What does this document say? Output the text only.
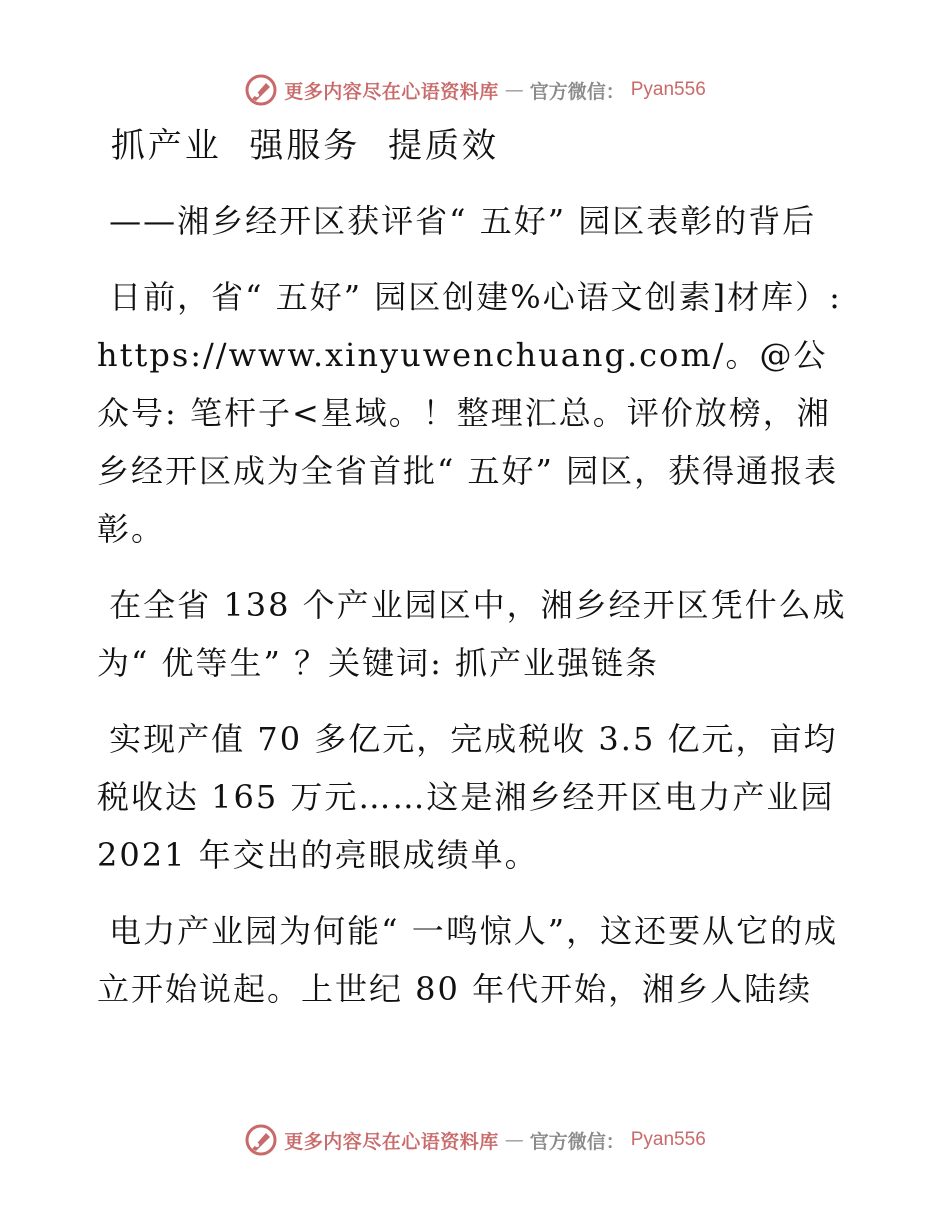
更多内容尽在心语资料库 — 官方微信： Pyan556

抓产业  强服务  提质效

——湘乡经开区获评省“ 五好” 园区表彰的背后

日前，省“ 五好” 园区创建%心语文创素]材库）: https://www.xinyuwenchuang.com/。@公众号: 笔杆子<星域。！整理汇总。评价放榜，湘乡经开区成为全省首批“ 五好” 园区，获得通报表彰。

在全省 138 个产业园区中，湘乡经开区凭什么成为“ 优等生” ？关键词: 抓产业强链条

实现产值 70 多亿元，完成税收 3.5 亿元，亩均税收达 165 万元……这是湘乡经开区电力产业园 2021 年交出的亮眼成绩单。

电力产业园为何能“ 一鸣惊人”，这还要从它的成立开始说起。上世纪 80 年代开始，湘乡人陆续

更多内容尽在心语资料库 — 官方微信： Pyan556
